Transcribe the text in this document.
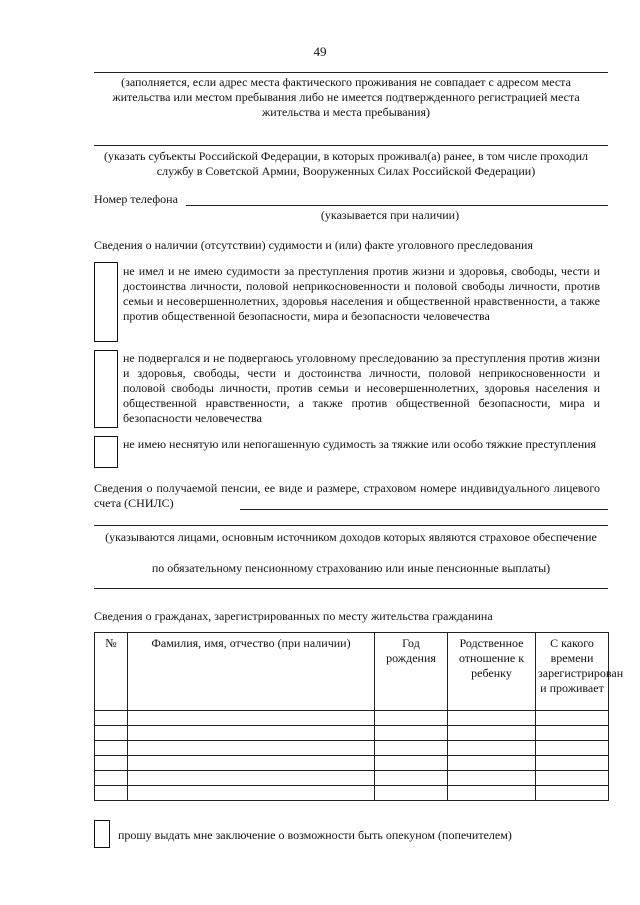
49
(заполняется, если адрес места фактического проживания не совпадает с адресом места жительства или местом пребывания либо не имеется подтвержденного регистрацией места жительства и места пребывания)
(указать субъекты Российской Федерации, в которых проживал(а) ранее, в том числе проходил службу в Советской Армии, Вооруженных Силах Российской Федерации)
Номер телефона
(указывается при наличии)
Сведения о наличии (отсутствии) судимости и (или) факте уголовного преследования
не имел и не имею судимости за преступления против жизни и здоровья, свободы, чести и достоинства личности, половой неприкосновенности и половой свободы личности, против семьи и несовершеннолетних, здоровья населения и общественной нравственности, а также против общественной безопасности, мира и безопасности человечества
не подвергался и не подвергаюсь уголовному преследованию за преступления против жизни и здоровья, свободы, чести и достоинства личности, половой неприкосновенности и половой свободы личности, против семьи и несовершеннолетних, здоровья населения и общественной нравственности, а также против общественной безопасности, мира и безопасности человечества
не имею неснятую или непогашенную судимость за тяжкие или особо тяжкие преступления
Сведения о получаемой пенсии, ее виде и размере, страховом номере индивидуального лицевого счета (СНИЛС)
(указываются лицами, основным источником доходов которых являются страховое обеспечение
по обязательному пенсионному страхованию или иные пенсионные выплаты)
Сведения о гражданах, зарегистрированных по месту жительства гражданина
№	Фамилия, имя, отчество (при наличии)	Год рождения	Родственное отношение к ребенку	С какого времени зарегистрирован и проживает

прошу выдать мне заключение о возможности быть опекуном (попечителем)
